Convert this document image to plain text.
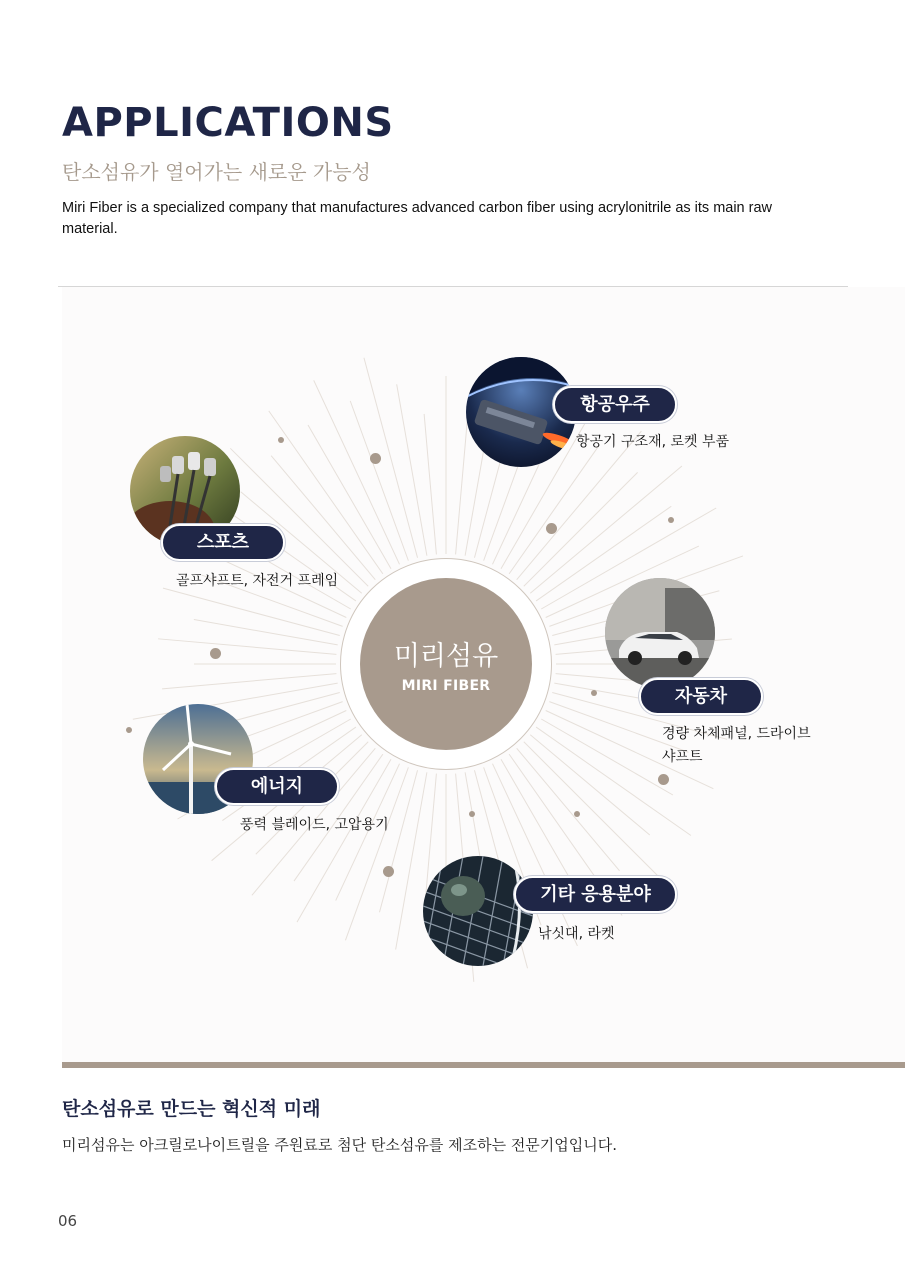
APPLICATIONS
탄소섬유가 열어가는 새로운 가능성
Miri Fiber is a specialized company that manufactures advanced carbon fiber using acrylonitrile as its main raw material.
미리섬유
MIRI FIBER
항공우주
항공기 구조재, 로켓 부품
스포츠
골프샤프트, 자전거 프레임
자동차
경량 차체패널, 드라이브
샤프트
에너지
풍력 블레이드, 고압용기
기타 응용분야
낚싯대, 라켓
탄소섬유로 만드는 혁신적 미래
미리섬유는 아크릴로나이트릴을 주원료로 첨단 탄소섬유를 제조하는 전문기업입니다.
06
